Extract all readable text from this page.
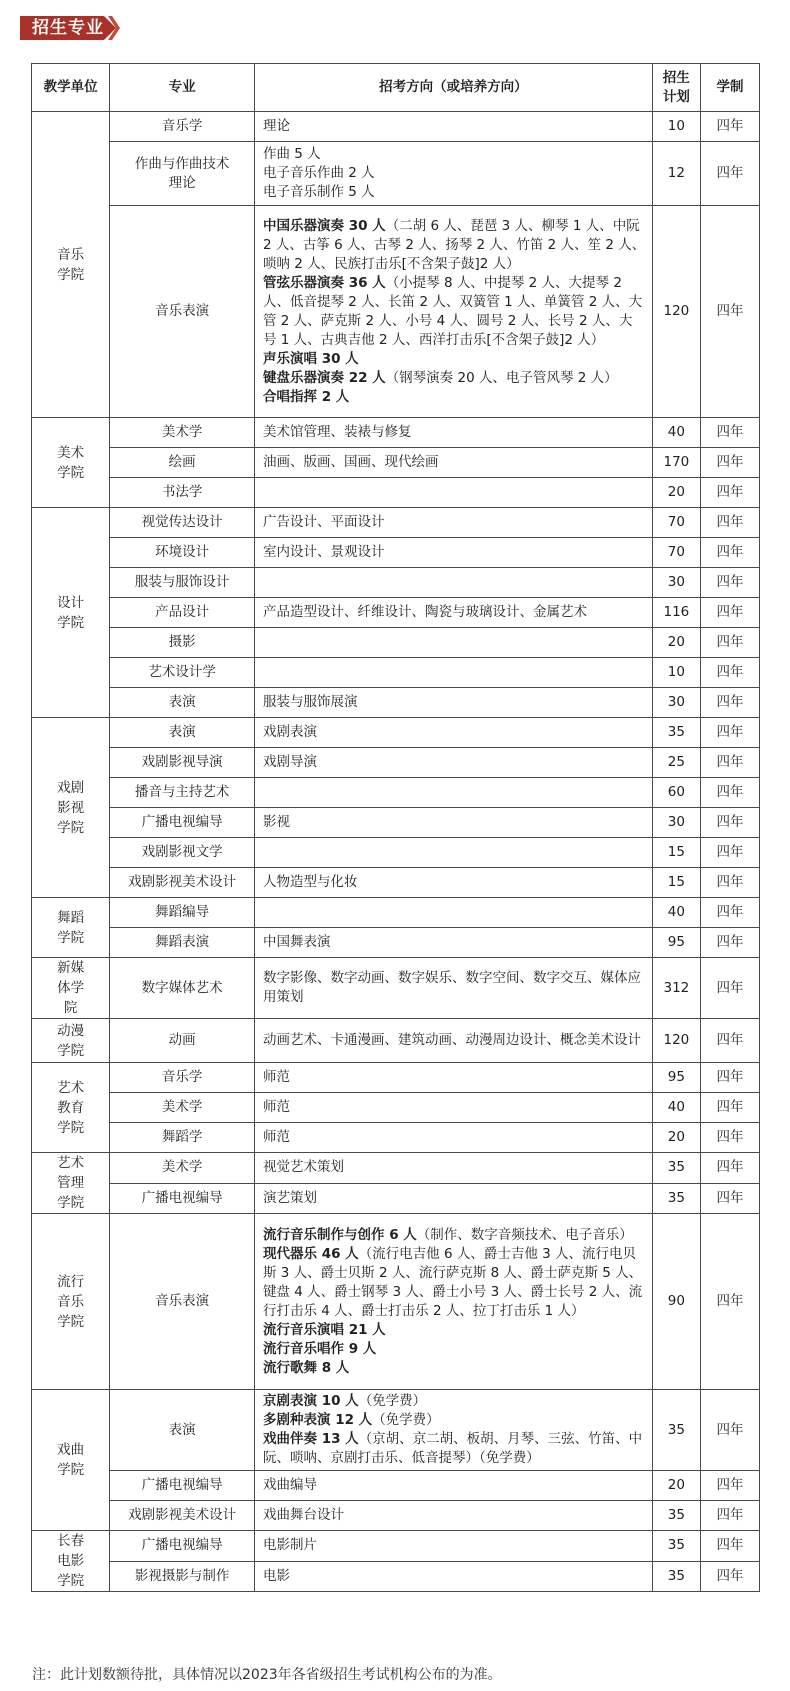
招生专业
教学单位	专业	招考方向（或培养方向）	招生计划	学制
音乐学院	音乐学	理论	10	四年
	作曲与作曲技术理论	作曲 5 人
电子音乐作曲 2 人
电子音乐制作 5 人	12	四年
	音乐表演	中国乐器演奏 30 人（二胡 6 人、琵琶 3 人、柳琴 1 人、中阮 2 人、古筝 6 人、古琴 2 人、扬琴 2 人、竹笛 2 人、笙 2 人、唢呐 2 人、民族打击乐[不含架子鼓]2 人）
管弦乐器演奏 36 人（小提琴 8 人、中提琴 2 人、大提琴 2 人、低音提琴 2 人、长笛 2 人、双簧管 1 人、单簧管 2 人、大管 2 人、萨克斯 2 人、小号 4 人、圆号 2 人、长号 2 人、大号 1 人、古典吉他 2 人、西洋打击乐[不含架子鼓]2 人）
声乐演唱 30 人
键盘乐器演奏 22 人（钢琴演奏 20 人、电子管风琴 2 人）
合唱指挥 2 人	120	四年
美术学院	美术学	美术馆管理、装裱与修复	40	四年
	绘画	油画、版画、国画、现代绘画	170	四年
	书法学		20	四年
设计学院	视觉传达设计	广告设计、平面设计	70	四年
	环境设计	室内设计、景观设计	70	四年
	服装与服饰设计		30	四年
	产品设计	产品造型设计、纤维设计、陶瓷与玻璃设计、金属艺术	116	四年
	摄影		20	四年
	艺术设计学		10	四年
	表演	服装与服饰展演	30	四年
戏剧影视学院	表演	戏剧表演	35	四年
	戏剧影视导演	戏剧导演	25	四年
	播音与主持艺术		60	四年
	广播电视编导	影视	30	四年
	戏剧影视文学		15	四年
	戏剧影视美术设计	人物造型与化妆	15	四年
舞蹈学院	舞蹈编导		40	四年
	舞蹈表演	中国舞表演	95	四年
新媒体学院	数字媒体艺术	数字影像、数字动画、数字娱乐、数字空间、数字交互、媒体应用策划	312	四年
动漫学院	动画	动画艺术、卡通漫画、建筑动画、动漫周边设计、概念美术设计	120	四年
艺术教育学院	音乐学	师范	95	四年
	美术学	师范	40	四年
	舞蹈学	师范	20	四年
艺术管理学院	美术学	视觉艺术策划	35	四年
	广播电视编导	演艺策划	35	四年
流行音乐学院	音乐表演	流行音乐制作与创作 6 人（制作、数字音频技术、电子音乐）
现代器乐 46 人（流行电吉他 6 人、爵士吉他 3 人、流行电贝斯 3 人、爵士贝斯 2 人、流行萨克斯 8 人、爵士萨克斯 5 人、键盘 4 人、爵士钢琴 3 人、爵士小号 3 人、爵士长号 2 人、流行打击乐 4 人、爵士打击乐 2 人、拉丁打击乐 1 人）
流行音乐演唱 21 人
流行音乐唱作 9 人
流行歌舞 8 人	90	四年
戏曲学院	表演	京剧表演 10 人（免学费）
多剧种表演 12 人（免学费）
戏曲伴奏 13 人（京胡、京二胡、板胡、月琴、三弦、竹笛、中阮、唢呐、京剧打击乐、低音提琴）（免学费）	35	四年
	广播电视编导	戏曲编导	20	四年
	戏剧影视美术设计	戏曲舞台设计	35	四年
长春电影学院	广播电视编导	电影制片	35	四年
	影视摄影与制作	电影	35	四年
注：此计划数额待批，具体情况以2023年各省级招生考试机构公布的为准。
